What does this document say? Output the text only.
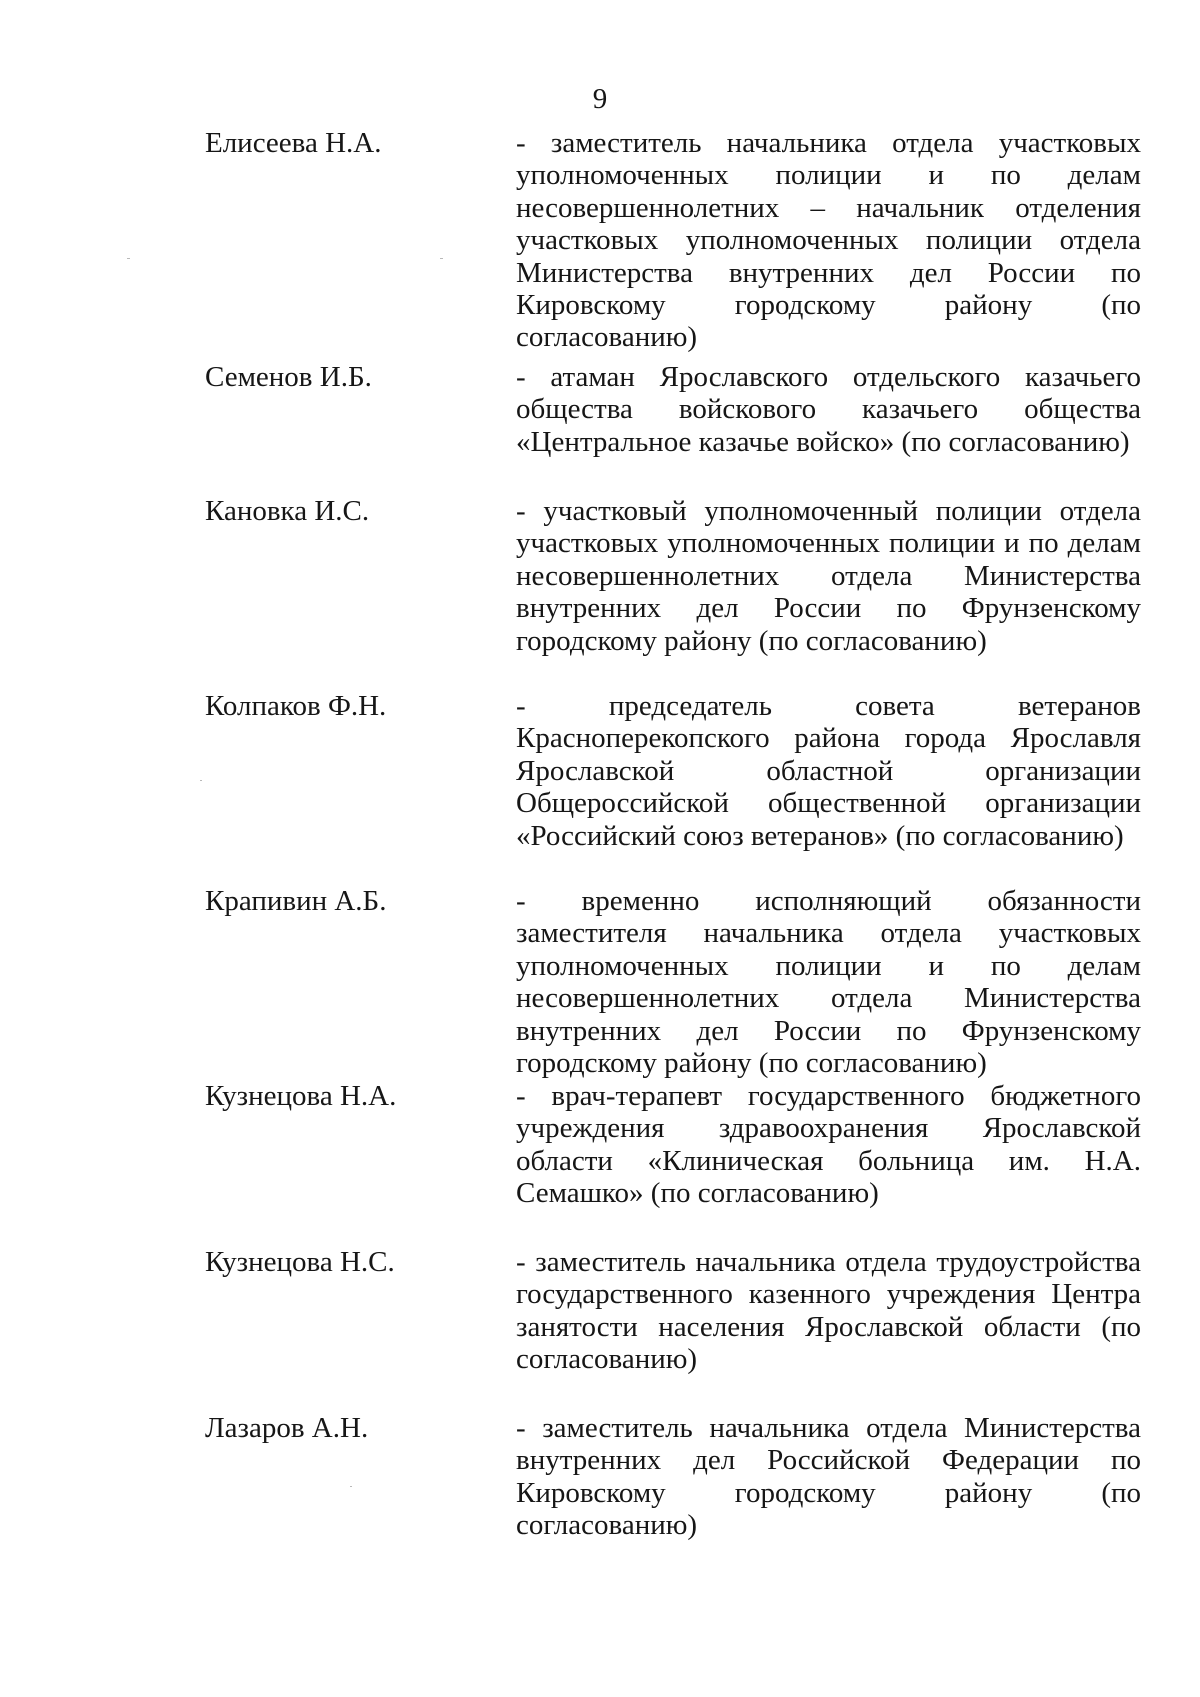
9
Елисеева Н.А.	- заместитель начальника отдела участковых уполномоченных полиции и по делам несовершеннолетних – начальник отделения участковых уполномоченных полиции отдела Министерства внутренних дел России по Кировскому городскому району (по согласованию)
Семенов И.Б.	- атаман Ярославского отдельского казачьего общества войскового казачьего общества «Центральное казачье войско» (по согласованию)
Кановка И.С.	- участковый уполномоченный полиции отдела участковых уполномоченных полиции и по делам несовершеннолетних отдела Министерства внутренних дел России по Фрунзенскому городскому району (по согласованию)
Колпаков Ф.Н.	- председатель совета ветеранов Красноперекопского района города Ярославля Ярославской областной организации Общероссийской общественной организации «Российский союз ветеранов» (по согласованию)
Крапивин А.Б.	- временно исполняющий обязанности заместителя начальника отдела участковых уполномоченных полиции и по делам несовершеннолетних отдела Министерства внутренних дел России по Фрунзенскому городскому району (по согласованию)
Кузнецова Н.А.	- врач-терапевт государственного бюджетного учреждения здравоохранения Ярославской области «Клиническая больница им. Н.А. Семашко» (по согласованию)
Кузнецова Н.С.	- заместитель начальника отдела трудоустройства государственного казенного учреждения Центра занятости населения Ярославской области (по согласованию)
Лазаров А.Н.	- заместитель начальника отдела Министерства внутренних дел Российской Федерации по Кировскому городскому району (по согласованию)
